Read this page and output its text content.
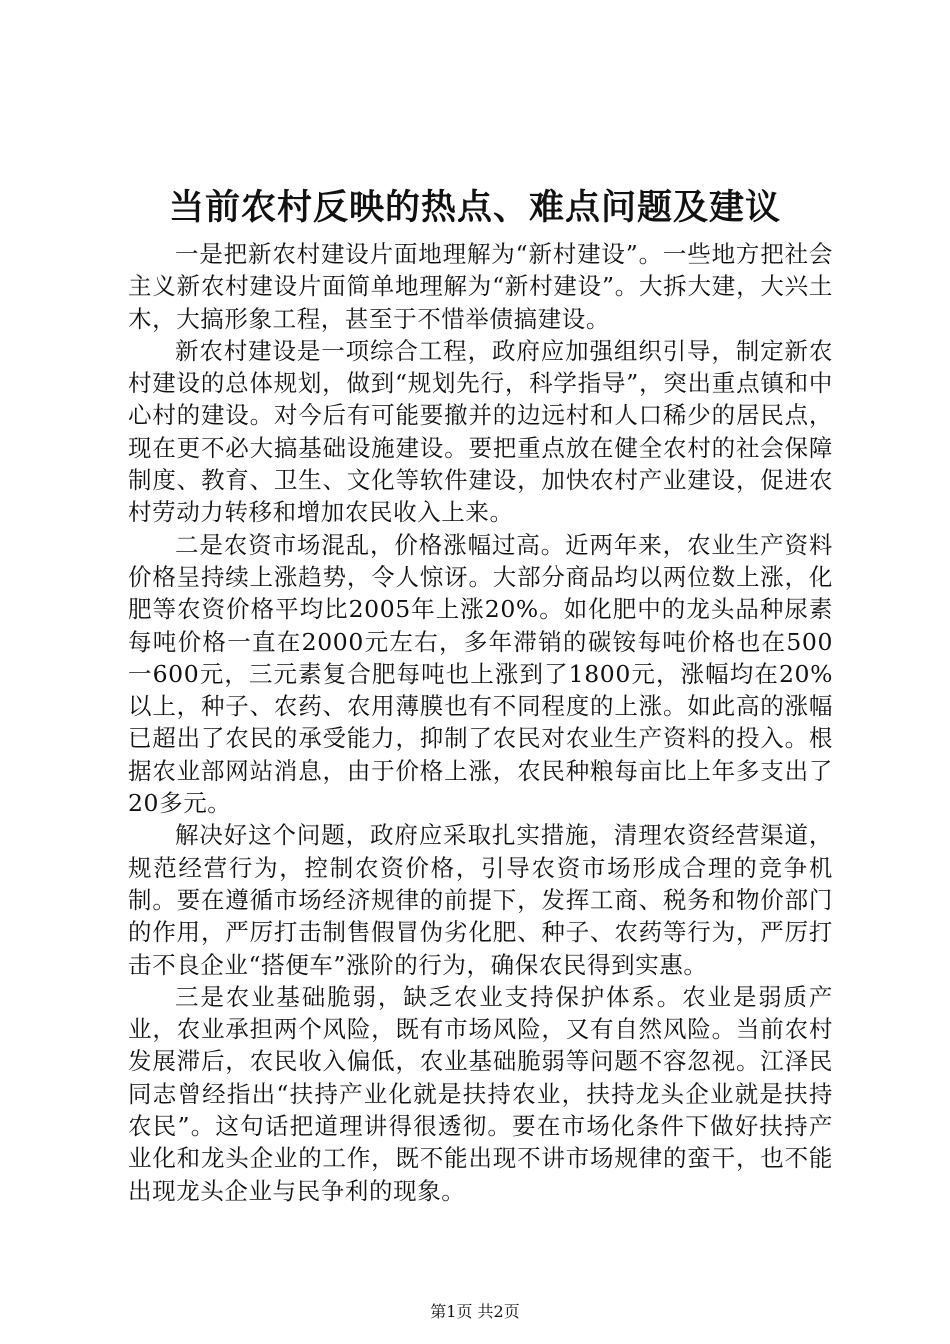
当前农村反映的热点、难点问题及建议

一是把新农村建设片面地理解为“新村建设”。一些地方把社会主义新农村建设片面简单地理解为“新村建设”。大拆大建，大兴土木，大搞形象工程，甚至于不惜举债搞建设。

新农村建设是一项综合工程，政府应加强组织引导，制定新农村建设的总体规划，做到“规划先行，科学指导”，突出重点镇和中心村的建设。对今后有可能要撤并的边远村和人口稀少的居民点，现在更不必大搞基础设施建设。要把重点放在健全农村的社会保障制度、教育、卫生、文化等软件建设，加快农村产业建设，促进农村劳动力转移和增加农民收入上来。

二是农资市场混乱，价格涨幅过高。近两年来，农业生产资料价格呈持续上涨趋势，令人惊讶。大部分商品均以两位数上涨，化肥等农资价格平均比2005年上涨20%。如化肥中的龙头品种尿素每吨价格一直在2000元左右，多年滞销的碳铵每吨价格也在500一600元，三元素复合肥每吨也上涨到了1800元，涨幅均在20%以上，种子、农药、农用薄膜也有不同程度的上涨。如此高的涨幅已超出了农民的承受能力，抑制了农民对农业生产资料的投入。根据农业部网站消息，由于价格上涨，农民种粮每亩比上年多支出了20多元。

解决好这个问题，政府应采取扎实措施，清理农资经营渠道，规范经营行为，控制农资价格，引导农资市场形成合理的竞争机制。要在遵循市场经济规律的前提下，发挥工商、税务和物价部门的作用，严厉打击制售假冒伪劣化肥、种子、农药等行为，严厉打击不良企业“搭便车”涨阶的行为，确保农民得到实惠。

三是农业基础脆弱，缺乏农业支持保护体系。农业是弱质产业，农业承担两个风险，既有市场风险，又有自然风险。当前农村发展滞后，农民收入偏低，农业基础脆弱等问题不容忽视。江泽民同志曾经指出“扶持产业化就是扶持农业，扶持龙头企业就是扶持农民”。这句话把道理讲得很透彻。要在市场化条件下做好扶持产业化和龙头企业的工作，既不能出现不讲市场规律的蛮干，也不能出现龙头企业与民争利的现象。

第1页 共2页
